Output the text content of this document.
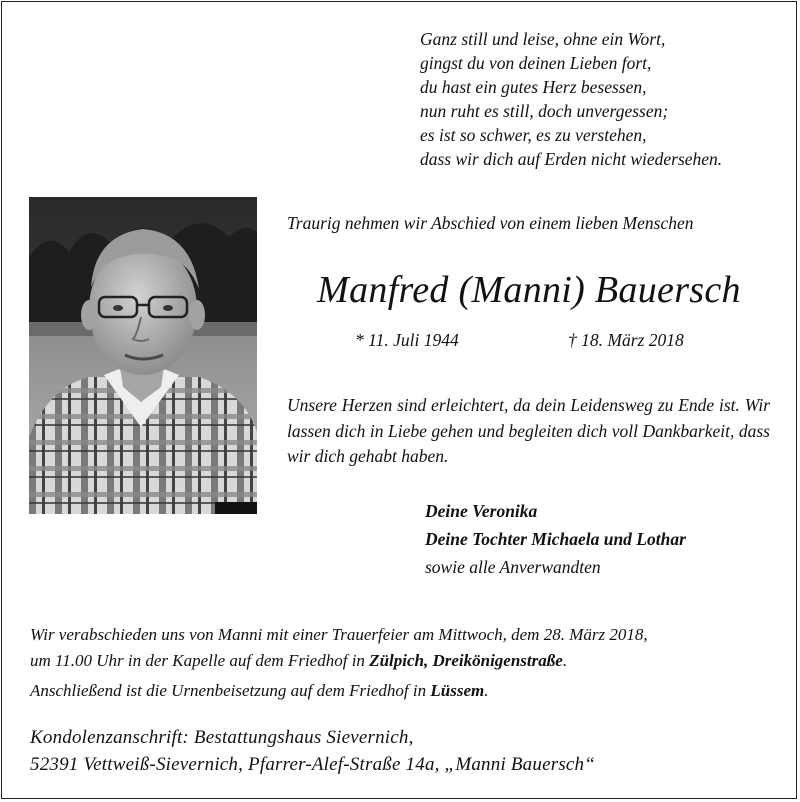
Ganz still und leise, ohne ein Wort,
gingst du von deinen Lieben fort,
du hast ein gutes Herz besessen,
nun ruht es still, doch unvergessen;
es ist so schwer, es zu verstehen,
dass wir dich auf Erden nicht wiedersehen.
Traurig nehmen wir Abschied von einem lieben Menschen
Manfred (Manni) Bauersch
* 11. Juli 1944	† 18. März 2018
Unsere Herzen sind erleichtert, da dein Leidensweg zu Ende ist. Wir lassen dich in Liebe gehen und begleiten dich voll Dankbarkeit, dass wir dich gehabt haben.
Deine Veronika
Deine Tochter Michaela und Lothar
sowie alle Anverwandten
Wir verabschieden uns von Manni mit einer Trauerfeier am Mittwoch, dem 28. März 2018,
um 11.00 Uhr in der Kapelle auf dem Friedhof in Zülpich, Dreikönigenstraße.
Anschließend ist die Urnenbeisetzung auf dem Friedhof in Lüssem.
Kondolenzanschrift: Bestattungshaus Sievernich,
52391 Vettweiß-Sievernich, Pfarrer-Alef-Straße 14a, „Manni Bauersch“
